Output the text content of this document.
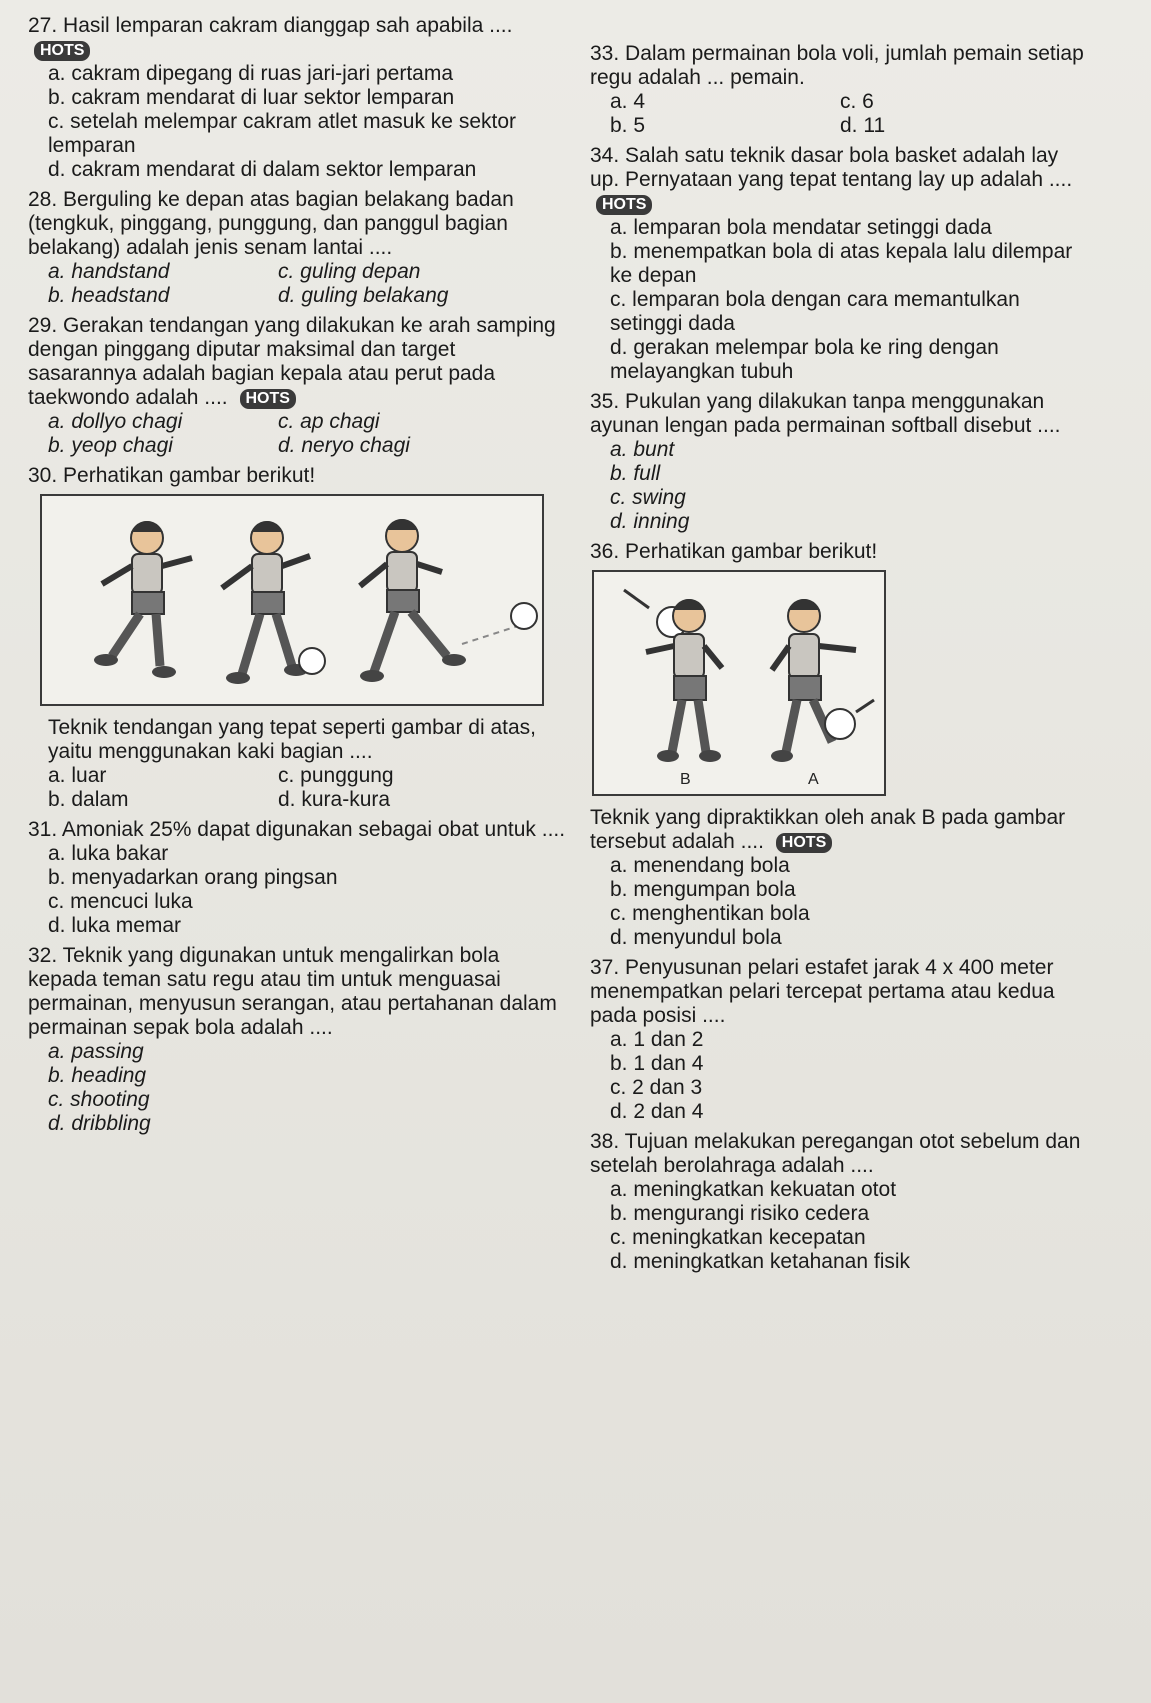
27. Hasil lemparan cakram dianggap sah apabila .... HOTS
a. cakram dipegang di ruas jari-jari pertama
b. cakram mendarat di luar sektor lemparan
c. setelah melempar cakram atlet masuk ke sektor lemparan
d. cakram mendarat di dalam sektor lemparan
28. Berguling ke depan atas bagian belakang badan (tengkuk, pinggang, punggung, dan panggul bagian belakang) adalah jenis senam lantai ....
a. handstand	c. guling depan
b. headstand	d. guling belakang
29. Gerakan tendangan yang dilakukan ke arah samping dengan pinggang diputar maksimal dan target sasarannya adalah bagian kepala atau perut pada taekwondo adalah .... HOTS
a. dollyo chagi	c. ap chagi
b. yeop chagi	d. neryo chagi
30. Perhatikan gambar berikut!
Teknik tendangan yang tepat seperti gambar di atas, yaitu menggunakan kaki bagian ....
a. luar	c. punggung
b. dalam	d. kura-kura
31. Amoniak 25% dapat digunakan sebagai obat untuk ....
a. luka bakar
b. menyadarkan orang pingsan
c. mencuci luka
d. luka memar
32. Teknik yang digunakan untuk mengalirkan bola kepada teman satu regu atau tim untuk menguasai permainan, menyusun serangan, atau pertahanan dalam permainan sepak bola adalah ....
a. passing
b. heading
c. shooting
d. dribbling
33. Dalam permainan bola voli, jumlah pemain setiap regu adalah ... pemain.
a. 4	c. 6
b. 5	d. 11
34. Salah satu teknik dasar bola basket adalah lay up. Pernyataan yang tepat tentang lay up adalah .... HOTS
a. lemparan bola mendatar setinggi dada
b. menempatkan bola di atas kepala lalu dilempar ke depan
c. lemparan bola dengan cara memantulkan setinggi dada
d. gerakan melempar bola ke ring dengan melayangkan tubuh
35. Pukulan yang dilakukan tanpa menggunakan ayunan lengan pada permainan softball disebut ....
a. bunt
b. full
c. swing
d. inning
36. Perhatikan gambar berikut!
B	A
Teknik yang dipraktikkan oleh anak B pada gambar tersebut adalah .... HOTS
a. menendang bola
b. mengumpan bola
c. menghentikan bola
d. menyundul bola
37. Penyusunan pelari estafet jarak 4 x 400 meter menempatkan pelari tercepat pertama atau kedua pada posisi ....
a. 1 dan 2
b. 1 dan 4
c. 2 dan 3
d. 2 dan 4
38. Tujuan melakukan peregangan otot sebelum dan setelah berolahraga adalah ....
a. meningkatkan kekuatan otot
b. mengurangi risiko cedera
c. meningkatkan kecepatan
d. meningkatkan ketahanan fisik
